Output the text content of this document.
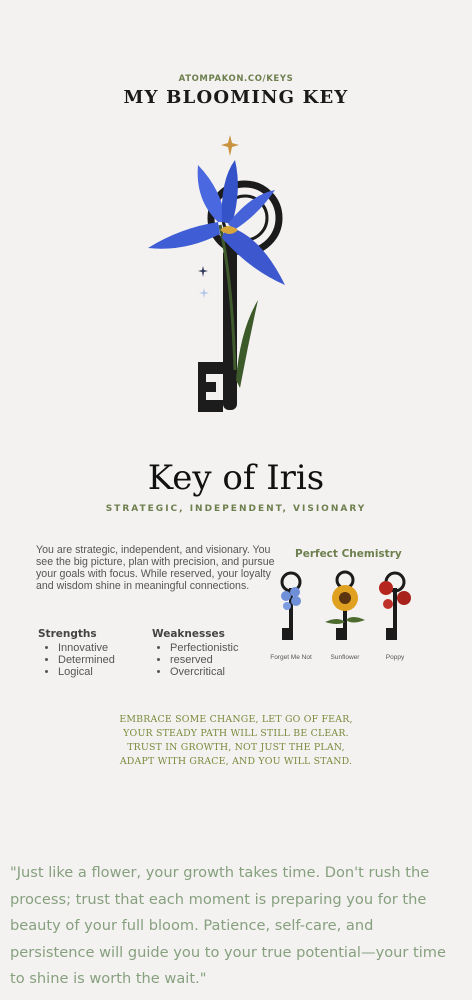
ATOMPAKON.CO/KEYS
MY BLOOMING KEY
Key of Iris
STRATEGIC, INDEPENDENT, VISIONARY
You are strategic, independent, and visionary. You see the big picture, plan with precision, and pursue your goals with focus. While reserved, your loyalty and wisdom shine in meaningful connections.
Perfect Chemistry
Forget Me Not	Sunflower	Poppy
Strengths
• Innovative
• Determined
• Logical
Weaknesses
• Perfectionistic
• reserved
• Overcritical
EMBRACE SOME CHANGE, LET GO OF FEAR,
YOUR STEADY PATH WILL STILL BE CLEAR.
TRUST IN GROWTH, NOT JUST THE PLAN,
ADAPT WITH GRACE, AND YOU WILL STAND.
"Just like a flower, your growth takes time. Don't rush the process; trust that each moment is preparing you for the beauty of your full bloom. Patience, self-care, and persistence will guide you to your true potential—your time to shine is worth the wait."
